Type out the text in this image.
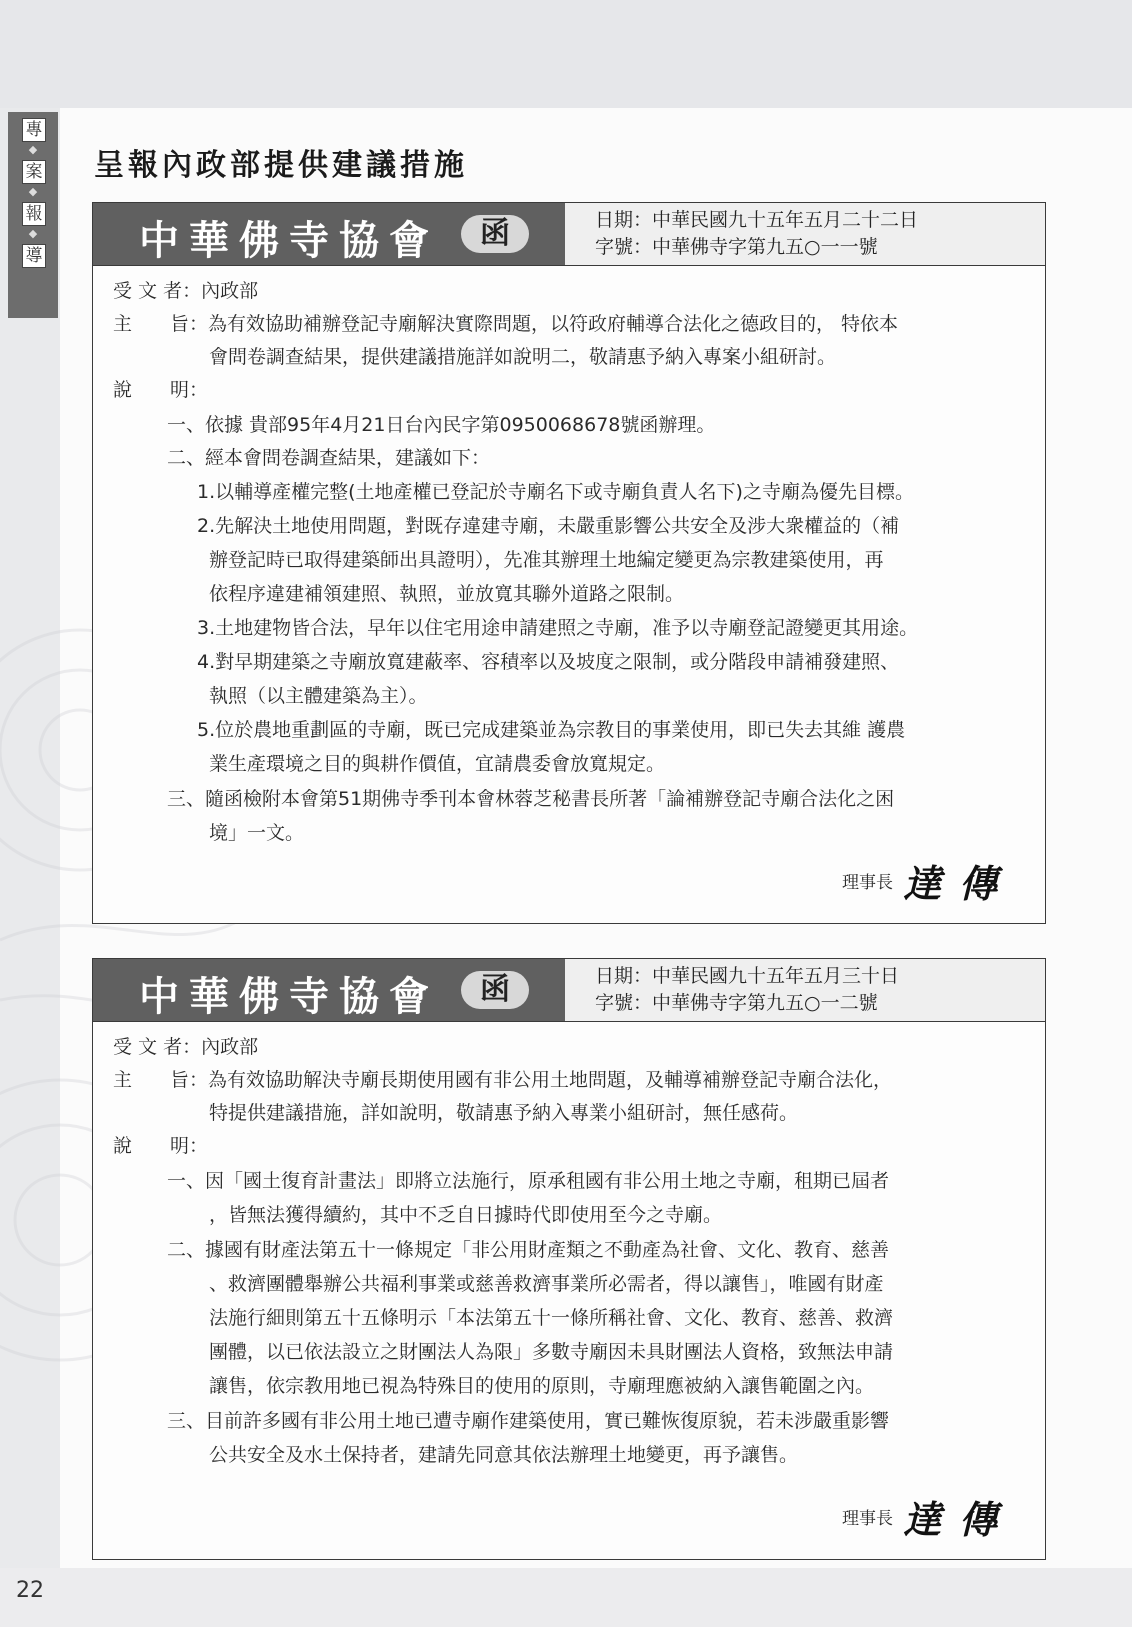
專
◆
案
◆
報
◆
導
呈報內政部提供建議措施
中華佛寺協會	函	日期：中華民國九十五年五月二十二日
字號：中華佛寺字第九五○一一號
受 文 者：內政部
主　　旨：為有效協助補辦登記寺廟解決實際問題，以符政府輔導合法化之德政目的， 特依本
會問卷調查結果，提供建議措施詳如說明二，敬請惠予納入專案小組研討。
說　　明：
一、依據 貴部95年4月21日台內民字第0950068678號函辦理。
二、經本會問卷調查結果，建議如下：
1.以輔導產權完整(土地產權已登記於寺廟名下或寺廟負責人名下)之寺廟為優先目標。
2.先解決土地使用問題，對既存違建寺廟，未嚴重影響公共安全及涉大衆權益的（補
辦登記時已取得建築師出具證明），先准其辦理土地編定變更為宗教建築使用，再
依程序違建補領建照、執照，並放寬其聯外道路之限制。
3.土地建物皆合法，早年以住宅用途申請建照之寺廟，准予以寺廟登記證變更其用途。
4.對早期建築之寺廟放寬建蔽率、容積率以及坡度之限制，或分階段申請補發建照、
執照（以主體建築為主）。
5.位於農地重劃區的寺廟，既已完成建築並為宗教目的事業使用，即已失去其維 護農
業生產環境之目的與耕作價值，宜請農委會放寬規定。
三、隨函檢附本會第51期佛寺季刊本會林蓉芝秘書長所著「論補辦登記寺廟合法化之困
境」一文。
理事長 達傳
中華佛寺協會	函	日期：中華民國九十五年五月三十日
字號：中華佛寺字第九五○一二號
受 文 者：內政部
主　　旨：為有效協助解決寺廟長期使用國有非公用土地問題，及輔導補辦登記寺廟合法化，
特提供建議措施，詳如說明，敬請惠予納入專業小組研討，無任感荷。
說　　明：
一、因「國土復育計畫法」即將立法施行，原承租國有非公用土地之寺廟，租期已屆者
，皆無法獲得續約，其中不乏自日據時代即使用至今之寺廟。
二、據國有財產法第五十一條規定「非公用財產類之不動產為社會、文化、教育、慈善
、救濟團體舉辦公共福利事業或慈善救濟事業所必需者，得以讓售」，唯國有財產
法施行細則第五十五條明示「本法第五十一條所稱社會、文化、教育、慈善、救濟
團體，以已依法設立之財團法人為限」多數寺廟因未具財團法人資格，致無法申請
讓售，依宗教用地已視為特殊目的使用的原則，寺廟理應被納入讓售範圍之內。
三、目前許多國有非公用土地已遭寺廟作建築使用，實已難恢復原貌，若未涉嚴重影響
公共安全及水土保持者，建請先同意其依法辦理土地變更，再予讓售。
理事長 達傳
22
